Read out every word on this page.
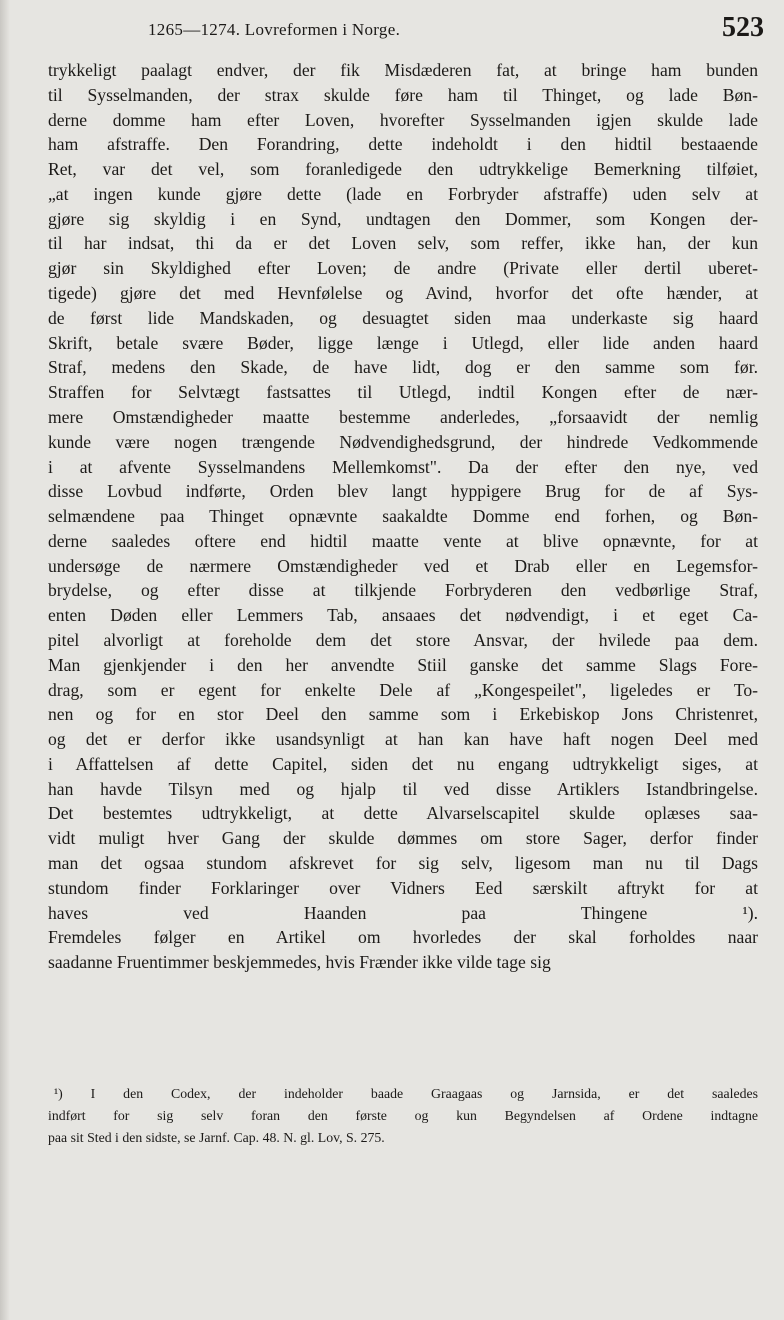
1265—1274. Lovreformen i Norge.	523
trykkeligt paalagt endver, der fik Misdæderen fat, at bringe ham bunden
til Sysselmanden, der strax skulde føre ham til Thinget, og lade Bøn-
derne domme ham efter Loven, hvorefter Sysselmanden igjen skulde lade
ham afstraffe. Den Forandring, dette indeholdt i den hidtil bestaaende
Ret, var det vel, som foranledigede den udtrykkelige Bemerkning tilføiet,
„at ingen kunde gjøre dette (lade en Forbryder afstraffe) uden selv at
gjøre sig skyldig i en Synd, undtagen den Dommer, som Kongen der-
til har indsat, thi da er det Loven selv, som reffer, ikke han, der kun
gjør sin Skyldighed efter Loven; de andre (Private eller dertil uberet-
tigede) gjøre det med Hevnfølelse og Avind, hvorfor det ofte hænder, at
de først lide Mandskaden, og desuagtet siden maa underkaste sig haard
Skrift, betale svære Bøder, ligge længe i Utlegd, eller lide anden haard
Straf, medens den Skade, de have lidt, dog er den samme som før.
Straffen for Selvtægt fastsattes til Utlegd, indtil Kongen efter de nær-
mere Omstændigheder maatte bestemme anderledes, „forsaavidt der nemlig
kunde være nogen trængende Nødvendighedsgrund, der hindrede Vedkommende
i at afvente Sysselmandens Mellemkomst". Da der efter den nye, ved
disse Lovbud indførte, Orden blev langt hyppigere Brug for de af Sys-
selmændene paa Thinget opnævnte saakaldte Domme end forhen, og Bøn-
derne saaledes oftere end hidtil maatte vente at blive opnævnte, for at
undersøge de nærmere Omstændigheder ved et Drab eller en Legemsfor-
brydelse, og efter disse at tilkjende Forbryderen den vedbørlige Straf,
enten Døden eller Lemmers Tab, ansaaes det nødvendigt, i et eget Ca-
pitel alvorligt at foreholde dem det store Ansvar, der hvilede paa dem.
Man gjenkjender i den her anvendte Stiil ganske det samme Slags Fore-
drag, som er egent for enkelte Dele af „Kongespeilet", ligeledes er To-
nen og for en stor Deel den samme som i Erkebiskop Jons Christenret,
og det er derfor ikke usandsynligt at han kan have haft nogen Deel med
i Affattelsen af dette Capitel, siden det nu engang udtrykkeligt siges, at
han havde Tilsyn med og hjalp til ved disse Artiklers Istandbringelse.
Det bestemtes udtrykkeligt, at dette Alvarselscapitel skulde oplæses saa-
vidt muligt hver Gang der skulde dømmes om store Sager, derfor finder
man det ogsaa stundom afskrevet for sig selv, ligesom man nu til Dags
stundom finder Forklaringer over Vidners Eed særskilt aftrykt for at
haves ved Haanden paa Thingene ¹).
Fremdeles følger en Artikel om hvorledes der skal forholdes naar
saadanne Fruentimmer beskjemmedes, hvis Frænder ikke vilde tage sig
¹) I den Codex, der indeholder baade Graagaas og Jarnsida, er det saaledes
indført for sig selv foran den første og kun Begyndelsen af Ordene indtagne
paa sit Sted i den sidste, se Jarnf. Cap. 48. N. gl. Lov, S. 275.
